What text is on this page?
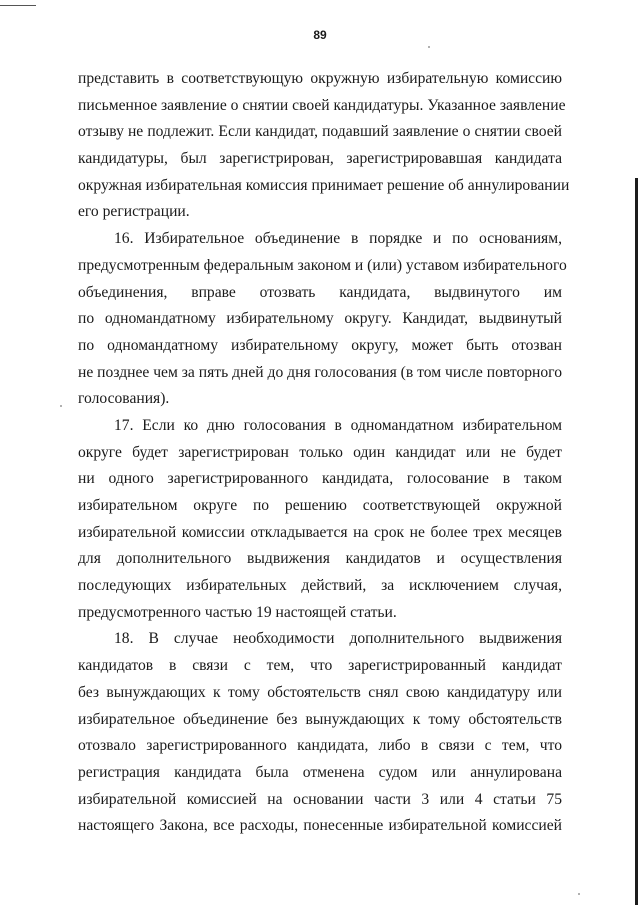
89
представить в соответствующую окружную избирательную комиссию
письменное заявление о снятии своей кандидатуры. Указанное заявление
отзыву не подлежит. Если кандидат, подавший заявление о снятии своей
кандидатуры, был зарегистрирован, зарегистрировавшая кандидата
окружная избирательная комиссия принимает решение об аннулировании
его регистрации.
16. Избирательное объединение в порядке и по основаниям,
предусмотренным федеральным законом и (или) уставом избирательного
объединения, вправе отозвать кандидата, выдвинутого им
по одномандатному избирательному округу. Кандидат, выдвинутый
по одномандатному избирательному округу, может быть отозван
не позднее чем за пять дней до дня голосования (в том числе повторного
голосования).
17. Если ко дню голосования в одномандатном избирательном
округе будет зарегистрирован только один кандидат или не будет
ни одного зарегистрированного кандидата, голосование в таком
избирательном округе по решению соответствующей окружной
избирательной комиссии откладывается на срок не более трех месяцев
для дополнительного выдвижения кандидатов и осуществления
последующих избирательных действий, за исключением случая,
предусмотренного частью 19 настоящей статьи.
18. В случае необходимости дополнительного выдвижения
кандидатов в связи с тем, что зарегистрированный кандидат
без вынуждающих к тому обстоятельств снял свою кандидатуру или
избирательное объединение без вынуждающих к тому обстоятельств
отозвало зарегистрированного кандидата, либо в связи с тем, что
регистрация кандидата была отменена судом или аннулирована
избирательной комиссией на основании части 3 или 4 статьи 75
настоящего Закона, все расходы, понесенные избирательной комиссией
